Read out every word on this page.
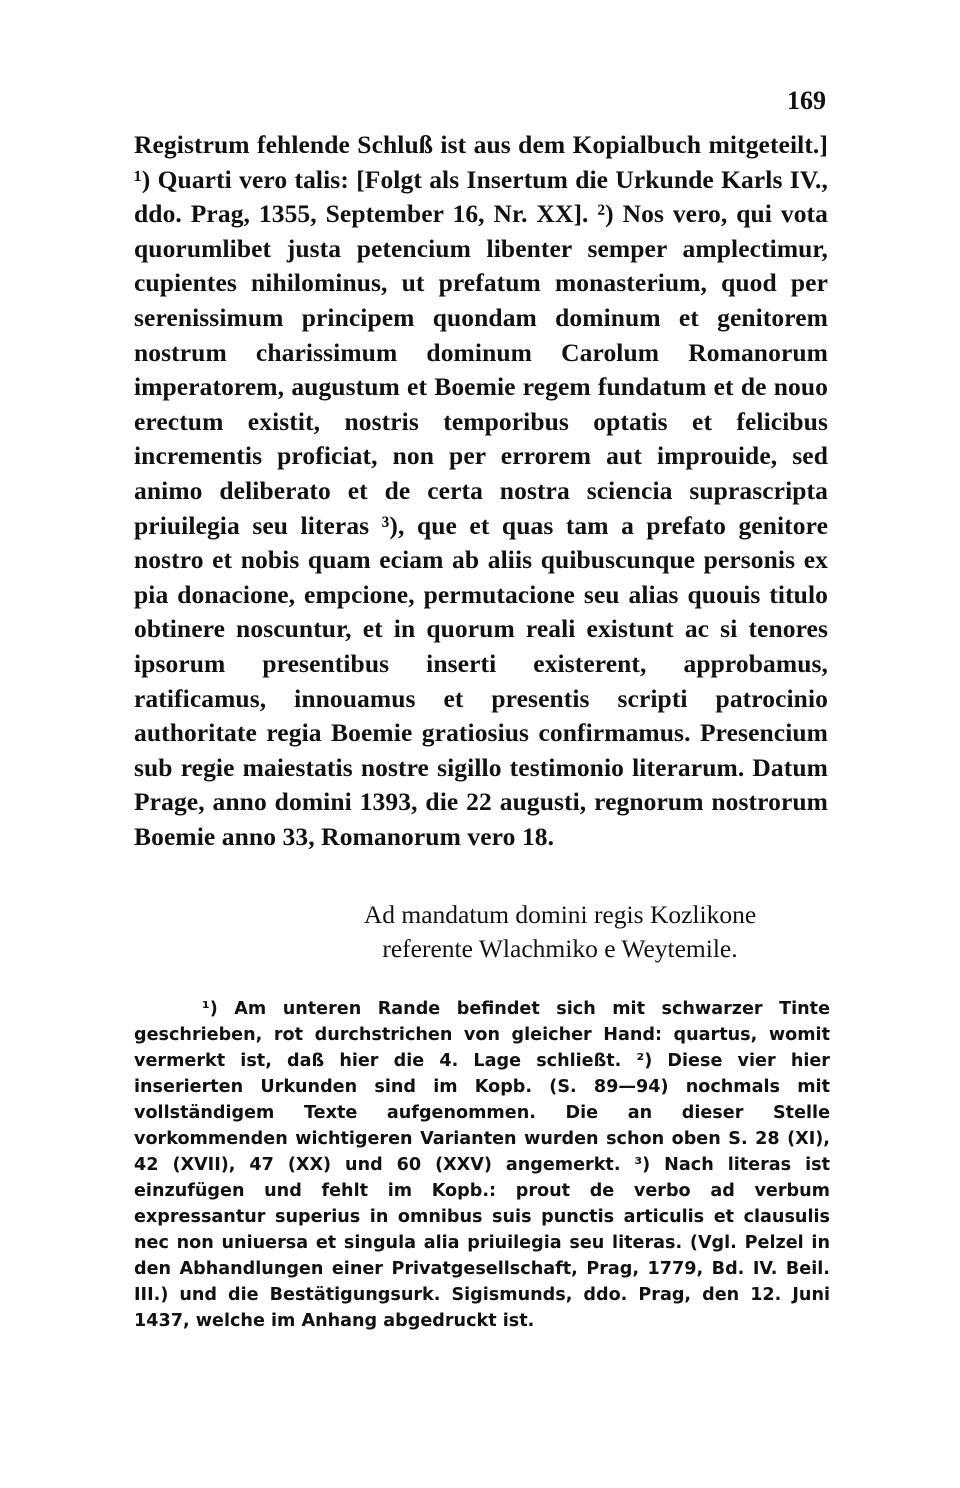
169

Registrum fehlende Schluß ist aus dem Kopialbuch mitgeteilt.] ¹) Quarti vero talis: [Folgt als Insertum die Urkunde Karls IV., ddo. Prag, 1355, September 16, Nr. XX]. ²) Nos vero, qui vota quorumlibet justa petencium libenter semper amplectimur, cupientes nihilominus, ut prefatum monasterium, quod per serenissimum principem quondam dominum et genitorem nostrum charissimum dominum Carolum Romanorum imperatorem, augustum et Boemie regem fundatum et de nouo erectum existit, nostris temporibus optatis et felicibus incrementis proficiat, non per errorem aut improuide, sed animo deliberato et de certa nostra sciencia suprascripta priuilegia seu literas ³), que et quas tam a prefato genitore nostro et nobis quam eciam ab aliis quibuscunque personis ex pia donacione, empcione, permutacione seu alias quouis titulo obtinere noscuntur, et in quorum reali existunt ac si tenores ipsorum presentibus inserti existerent, approbamus, ratificamus, innouamus et presentis scripti patrocinio authoritate regia Boemie gratiosius confirmamus. Presencium sub regie maiestatis nostre sigillo testimonio literarum. Datum Prage, anno domini 1393, die 22 augusti, regnorum nostrorum Boemie anno 33, Romanorum vero 18.

Ad mandatum domini regis Kozlikone

referente Wlachmiko e Weytemile.

¹) Am unteren Rande befindet sich mit schwarzer Tinte geschrieben, rot durchstrichen von gleicher Hand: quartus, womit vermerkt ist, daß hier die 4. Lage schließt. ²) Diese vier hier inserierten Urkunden sind im Kopb. (S. 89—94) nochmals mit vollständigem Texte aufgenommen. Die an dieser Stelle vorkommenden wichtigeren Varianten wurden schon oben S. 28 (XI), 42 (XVII), 47 (XX) und 60 (XXV) angemerkt. ³) Nach literas ist einzufügen und fehlt im Kopb.: prout de verbo ad verbum expressantur superius in omnibus suis punctis articulis et clausulis nec non uniuersa et singula alia priuilegia seu literas. (Vgl. Pelzel in den Abhandlungen einer Privatgesellschaft, Prag, 1779, Bd. IV. Beil. III.) und die Bestätigungsurk. Sigismunds, ddo. Prag, den 12. Juni 1437, welche im Anhang abgedruckt ist.
